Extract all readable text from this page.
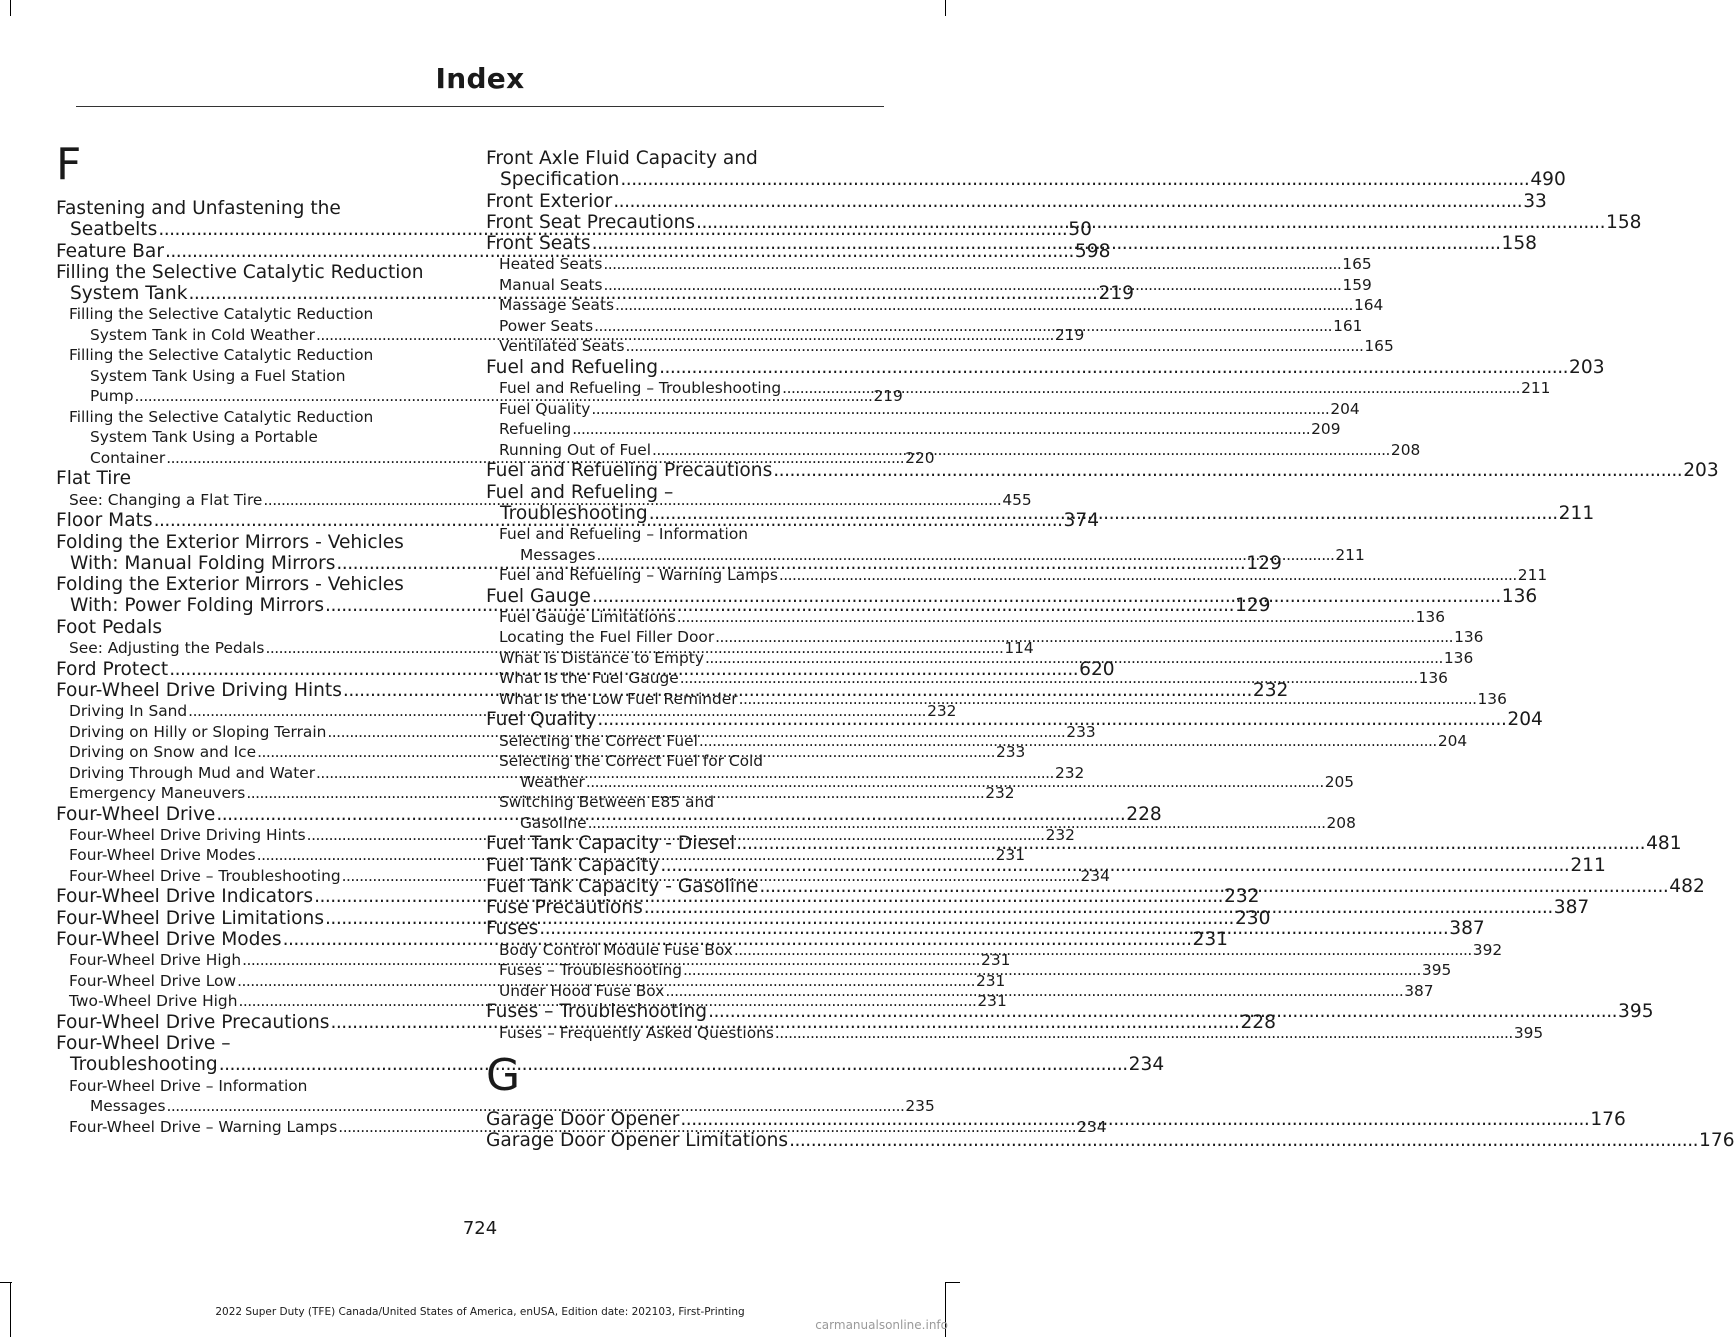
Index
F
Fastening and Unfastening the
Seatbelts .....	50
Feature Bar .....	598
Filling the Selective Catalytic Reduction
System Tank .....	219
Filling the Selective Catalytic Reduction
System Tank in Cold Weather .....	219
Filling the Selective Catalytic Reduction
System Tank Using a Fuel Station
Pump .....	219
Filling the Selective Catalytic Reduction
System Tank Using a Portable
Container .....	220
Flat Tire
See: Changing a Flat Tire .....	455
Floor Mats .....	374
Folding the Exterior Mirrors - Vehicles
With: Manual Folding Mirrors .....	129
Folding the Exterior Mirrors - Vehicles
With: Power Folding Mirrors .....	129
Foot Pedals
See: Adjusting the Pedals .....	114
Ford Protect .....	620
Four-Wheel Drive Driving Hints .....	232
Driving In Sand .....	232
Driving on Hilly or Sloping Terrain .....	233
Driving on Snow and Ice .....	233
Driving Through Mud and Water .....	232
Emergency Maneuvers .....	232
Four-Wheel Drive .....	228
Four-Wheel Drive Driving Hints .....	232
Four-Wheel Drive Modes .....	231
Four-Wheel Drive – Troubleshooting .....	234
Four-Wheel Drive Indicators .....	232
Four-Wheel Drive Limitations .....	230
Four-Wheel Drive Modes .....	231
Four-Wheel Drive High .....	231
Four-Wheel Drive Low .....	231
Two-Wheel Drive High .....	231
Four-Wheel Drive Precautions .....	228
Four-Wheel Drive –
Troubleshooting .....	234
Four-Wheel Drive – Information
Messages .....	235
Four-Wheel Drive – Warning Lamps .....	234
Front Axle Fluid Capacity and
Specification .....	490
Front Exterior .....	33
Front Seat Precautions .....	158
Front Seats .....	158
Heated Seats .....	165
Manual Seats .....	159
Massage Seats .....	164
Power Seats .....	161
Ventilated Seats .....	165
Fuel and Refueling .....	203
Fuel and Refueling – Troubleshooting .....	211
Fuel Quality .....	204
Refueling .....	209
Running Out of Fuel .....	208
Fuel and Refueling Precautions .....	203
Fuel and Refueling –
Troubleshooting .....	211
Fuel and Refueling – Information
Messages .....	211
Fuel and Refueling – Warning Lamps .....	211
Fuel Gauge .....	136
Fuel Gauge Limitations .....	136
Locating the Fuel Filler Door .....	136
What Is Distance to Empty .....	136
What Is the Fuel Gauge .....	136
What Is the Low Fuel Reminder .....	136
Fuel Quality .....	204
Selecting the Correct Fuel .....	204
Selecting the Correct Fuel for Cold
Weather .....	205
Switching Between E85 and
Gasoline .....	208
Fuel Tank Capacity - Diesel .....	481
Fuel Tank Capacity .....	211
Fuel Tank Capacity - Gasoline .....	482
Fuse Precautions .....	387
Fuses .....	387
Body Control Module Fuse Box .....	392
Fuses – Troubleshooting .....	395
Under Hood Fuse Box .....	387
Fuses – Troubleshooting .....	395
Fuses – Frequently Asked Questions .....	395
G
Garage Door Opener .....	176
Garage Door Opener Limitations .....	176
724
2022 Super Duty (TFE) Canada/United States of America, enUSA, Edition date: 202103, First-Printing
carmanualsonline.info
